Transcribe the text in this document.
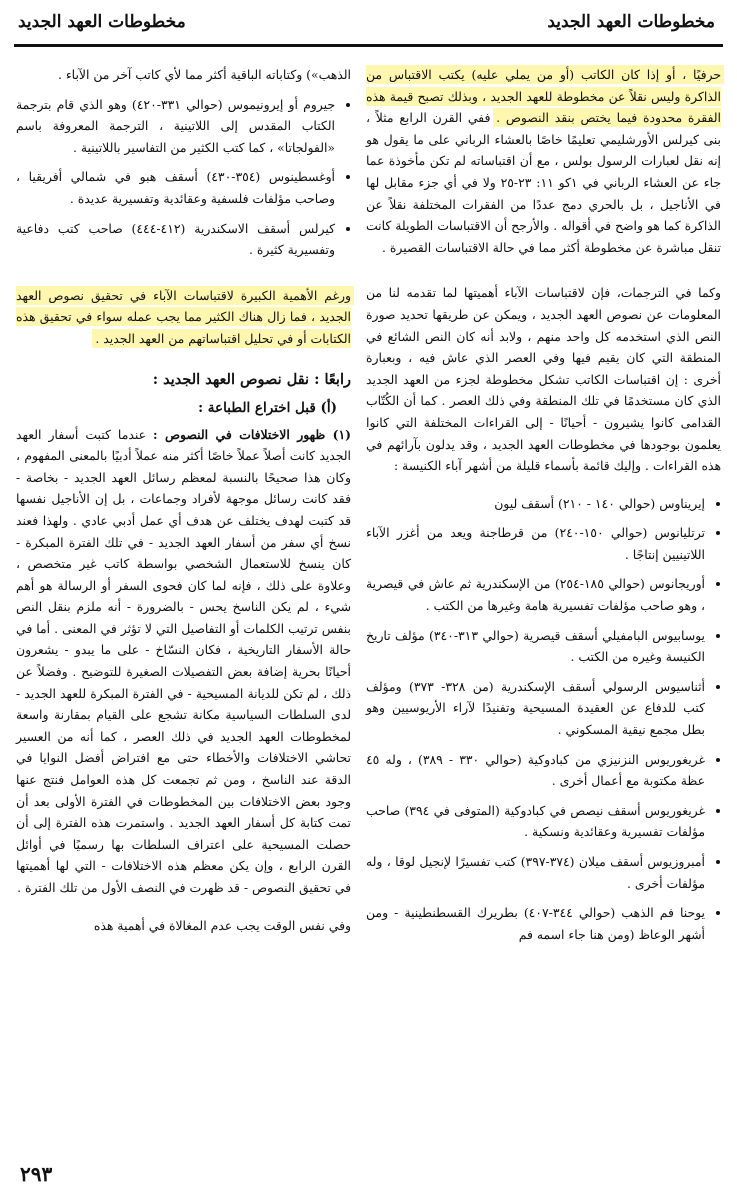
مخطوطات العهد الجديد
مخطوطات العهد الجديد

حرفيًا ، أو إذا كان الكاتب (أو من يملي عليه) يكتب الاقتباس من الذاكرة وليس نقلاً عن مخطوطة للعهد الجديد ، وبذلك تصبح قيمة هذه الفقرة محدودة فيما يختص بنقد النصوص . ففي القرن الرابع مثلاً ، بنى كيرلس الأورشليمي تعليمًا خاصًا بالعشاء الرباني على ما يقول هو إنه نقل لعبارات الرسول بولس ، مع أن اقتباساته لم تكن مأخوذة عما جاء عن العشاء الرباني في ١كو ١١: ٢٣-٢٥ ولا في أي جزء مقابل لها في الأناجيل ، بل بالحري دمج عددًا من الفقرات المختلفة نقلاً عن الذاكرة كما هو واضح في أقواله . والأرجح أن الاقتباسات الطويلة كانت تنقل مباشرة عن مخطوطة أكثر مما في حالة الاقتباسات القصيرة .

وكما في الترجمات، فإن لاقتباسات الآباء أهميتها لما تقدمه لنا من المعلومات عن نصوص العهد الجديد ، ويمكن عن طريقها تحديد صورة النص الذي استخدمه كل واحد منهم ، ولابد أنه كان النص الشائع في المنطقة التي كان يقيم فيها وفي العصر الذي عاش فيه ، وبعبارة أخرى : إن اقتباسات الكاتب تشكل مخطوطة لجزء من العهد الجديد الذي كان مستخدمًا في تلك المنطقة وفي ذلك العصر . كما أن الكُتّاب القدامى كانوا يشيرون - أحيانًا - إلى القراءات المختلفة التي كانوا يعلمون بوجودها في مخطوطات العهد الجديد ، وقد يدلون بآرائهم في هذه القراءات . وإليك قائمة بأسماء قليلة من أشهر آباء الكنيسة :

• إيريناوس (حوالي ١٤٠ - ٢١٠) أسقف ليون
• ترتليانوس (حوالي ١٥٠-٢٤٠) من قرطاجنة ويعد من أغزر الآباء اللاتينيين إنتاجًا .
• أوريجانوس (حوالي ١٨٥-٢٥٤) من الإسكندرية ثم عاش في قيصرية ، وهو صاحب مؤلفات تفسيرية هامة وغيرها من الكتب .
• يوسابيوس البامفيلي أسقف قيصرية (حوالي ٣١٣-٣٤٠) مؤلف تاريخ الكنيسة وغيره من الكتب .
• أثناسيوس الرسولي أسقف الإسكندرية (من ٣٢٨- ٣٧٣) ومؤلف كتب للدفاع عن العقيدة المسيحية وتفنيدًا لآراء الأريوسيين وهو بطل مجمع نيقية المسكوني .
• غريغوريوس النزنيزي من كبادوكية (حوالي ٣٣٠ - ٣٨٩) ، وله ٤٥ عظة مكتوبة مع أعمال أخرى .
• غريغوريوس أسقف نيصص في كبادوكية (المتوفى في ٣٩٤) صاحب مؤلفات تفسيرية وعقائدية ونسكية .
• أمبروزيوس أسقف ميلان (٣٧٤-٣٩٧) كتب تفسيرًا لإنجيل لوقا ، وله مؤلفات أخرى .
• يوحنا فم الذهب (حوالي ٣٤٤-٤٠٧) بطريرك القسطنطينية - ومن أشهر الوعاظ (ومن هنا جاء اسمه فم

الذهب») وكتاباته الباقية أكثر مما لأي كاتب آخر من الآباء .

• جيروم أو إيرونيموس (حوالي ٣٣١-٤٢٠) وهو الذي قام بترجمة الكتاب المقدس إلى اللاتينية ، الترجمة المعروفة باسم «الفولجاتا» ، كما كتب الكثير من التفاسير باللاتينية .
• أوغسطينوس (٣٥٤-٤٣٠) أسقف هبو في شمالي أفريقيا ، وصاحب مؤلفات فلسفية وعقائدية وتفسيرية عديدة .
• كيرلس أسقف الاسكندرية (٤١٢-٤٤٤) صاحب كتب دفاعية وتفسيرية كثيرة .

ورغم الأهمية الكبيرة لاقتباسات الآباء في تحقيق نصوص العهد الجديد ، فما زال هناك الكثير مما يجب عمله سواء في تحقيق هذه الكتابات أو في تحليل اقتباساتهم من العهد الجديد .

رابعًا : نقل نصوص العهد الجديد :

(أ) قبل اختراع الطباعة :

(١) ظهور الاختلافات في النصوص : عندما كتبت أسفار العهد الجديد كانت أصلاً عملاً خاصًا أكثر منه عملاً أدبيًا بالمعنى المفهوم ، وكان هذا صحيحًا بالنسبة لمعظم رسائل العهد الجديد - بخاصة - فقد كانت رسائل موجهة لأفراد وجماعات ، بل إن الأناجيل نفسها قد كتبت لهدف يختلف عن هدف أي عمل أدبي عادي . ولهذا فعند نسخ أي سفر من أسفار العهد الجديد - في تلك الفترة المبكرة - كان ينسخ للاستعمال الشخصي بواسطة كاتب غير متخصص ، وعلاوة على ذلك ، فإنه لما كان فحوى السفر أو الرسالة هو أهم شيء ، لم يكن الناسخ يحس - بالضرورة - أنه ملزم بنقل النص بنفس ترتيب الكلمات أو التفاصيل التي لا تؤثر في المعنى . أما في حالة الأسفار التاريخية ، فكان النسّاخ - على ما يبدو - يشعرون أحيانًا بحرية إضافة بعض التفصيلات الصغيرة للتوضيح . وفضلاً عن ذلك ، لم تكن للديانة المسيحية - في الفترة المبكرة للعهد الجديد - لدى السلطات السياسية مكانة تشجع على القيام بمقارنة واسعة لمخطوطات العهد الجديد في ذلك العصر ، كما أنه من العسير تحاشي الاختلافات والأخطاء حتى مع افتراض أفضل النوايا في الدقة عند الناسخ ، ومن ثم تجمعت كل هذه العوامل فنتج عنها وجود بعض الاختلافات بين المخطوطات في الفترة الأولى بعد أن تمت كتابة كل أسفار العهد الجديد . واستمرت هذه الفترة إلى أن حصلت المسيحية على اعتراف السلطات بها رسميًا في أوائل القرن الرابع ، وإن يكن معظم هذه الاختلافات - التي لها أهميتها في تحقيق النصوص - قد ظهرت في النصف الأول من تلك الفترة .

وفي نفس الوقت يجب عدم المغالاة في أهمية هذه

٢٩٣
